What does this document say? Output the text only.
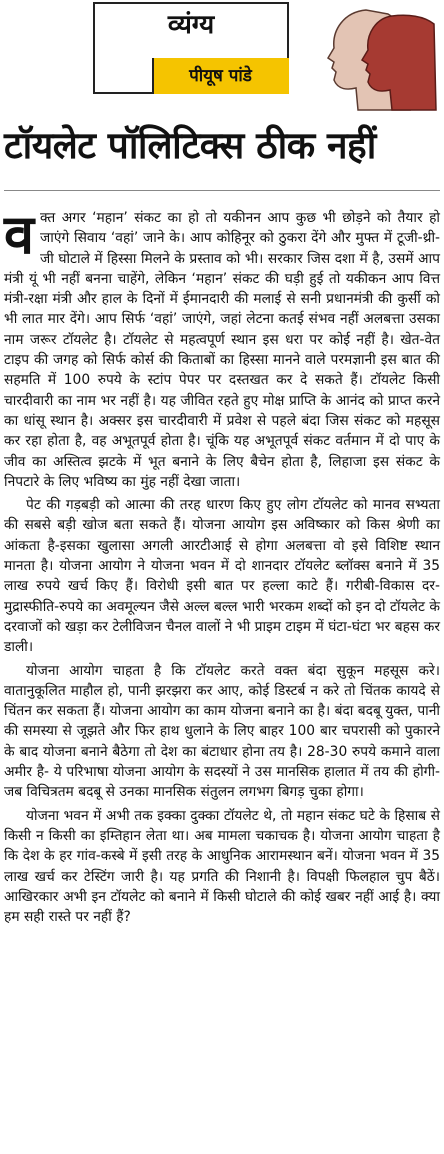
व्यंग्य
पीयूष पांडे
टॉयलेट पॉलिटिक्स ठीक नहीं

व क्त अगर ‘महान’ संकट का हो तो यकीनन आप कुछ भी छोड़ने को तैयार हो जाएंगे सिवाय ‘वहां’ जाने के। आप कोहिनूर को ठुकरा देंगे और मुफ्त में टूजी-थ्री-जी घोटाले में हिस्सा मिलने के प्रस्ताव को भी। सरकार जिस दशा में है, उसमें आप मंत्री यूं भी नहीं बनना चाहेंगे, लेकिन ‘महान’ संकट की घड़ी हुई तो यकीकन आप वित्त मंत्री-रक्षा मंत्री और हाल के दिनों में ईमानदारी की मलाई से सनी प्रधानमंत्री की कुर्सी को भी लात मार देंगे। आप सिर्फ ‘वहां’ जाएंगे, जहां लेटना कतई संभव नहीं अलबत्ता उसका नाम जरूर टॉयलेट है। टॉयलेट से महत्वपूर्ण स्थान इस धरा पर कोई नहीं है। खेत-वेत टाइप की जगह को सिर्फ कोर्स की किताबों का हिस्सा मानने वाले परमज्ञानी इस बात की सहमति में 100 रुपये के स्टांप पेपर पर दस्तखत कर दे सकते हैं। टॉयलेट किसी चारदीवारी का नाम भर नहीं है। यह जीवित रहते हुए मोक्ष प्राप्ति के आनंद को प्राप्त करने का धांसू स्थान है। अक्सर इस चारदीवारी में प्रवेश से पहले बंदा जिस संकट को महसूस कर रहा होता है, वह अभूतपूर्व होता है। चूंकि यह अभूतपूर्व संकट वर्तमान में दो पाए के जीव का अस्तित्व झटके में भूत बनाने के लिए बैचेन होता है, लिहाजा इस संकट के निपटारे के लिए भविष्य का मुंह नहीं देखा जाता।

पेट की गड़बड़ी को आत्मा की तरह धारण किए हुए लोग टॉयलेट को मानव सभ्यता की सबसे बड़ी खोज बता सकते हैं। योजना आयोग इस अविष्कार को किस श्रेणी का आंकता है-इसका खुलासा अगली आरटीआई से होगा अलबत्ता वो इसे विशिष्ट स्थान मानता है। योजना आयोग ने योजना भवन में दो शानदार टॉयलेट ब्लॉक्स बनाने में 35 लाख रुपये खर्च किए हैं। विरोधी इसी बात पर हल्ला काटे हैं। गरीबी-विकास दर-मुद्रास्फीति-रुपये का अवमूल्यन जैसे अल्ल बल्ल भारी भरकम शब्दों को इन दो टॉयलेट के दरवाजों को खड़ा कर टेलीविजन चैनल वालों ने भी प्राइम टाइम में घंटा-घंटा भर बहस कर डाली।

योजना आयोग चाहता है कि टॉयलेट करते वक्त बंदा सुकून महसूस करे। वातानुकूलित माहौल हो, पानी झरझरा कर आए, कोई डिस्टर्ब न करे तो चिंतक कायदे से चिंतन कर सकता हैं। योजना आयोग का काम योजना बनाने का है। बंदा बदबू युक्त, पानी की समस्या से जूझते और फिर हाथ धुलाने के लिए बाहर 100 बार चपरासी को पुकारने के बाद योजना बनाने बैठेगा तो देश का बंटाधार होना तय है। 28-30 रुपये कमाने वाला अमीर है- ये परिभाषा योजना आयोग के सदस्यों ने उस मानसिक हालात में तय की होगी- जब विचित्रतम बदबू से उनका मानसिक संतुलन लगभग बिगड़ चुका होगा।

योजना भवन में अभी तक इक्का दुक्का टॉयलेट थे, तो महान संकट घटे के हिसाब से किसी न किसी का इम्तिहान लेता था। अब मामला चकाचक है। योजना आयोग चाहता है कि देश के हर गांव-कस्बे में इसी तरह के आधुनिक आरामस्थान बनें। योजना भवन में 35 लाख खर्च कर टेस्टिंग जारी है। यह प्रगति की निशानी है। विपक्षी फिलहाल चुप बैठें। आखिरकार अभी इन टॉयलेट को बनाने में किसी घोटाले की कोई खबर नहीं आई है। क्या हम सही रास्ते पर नहीं हैं?
